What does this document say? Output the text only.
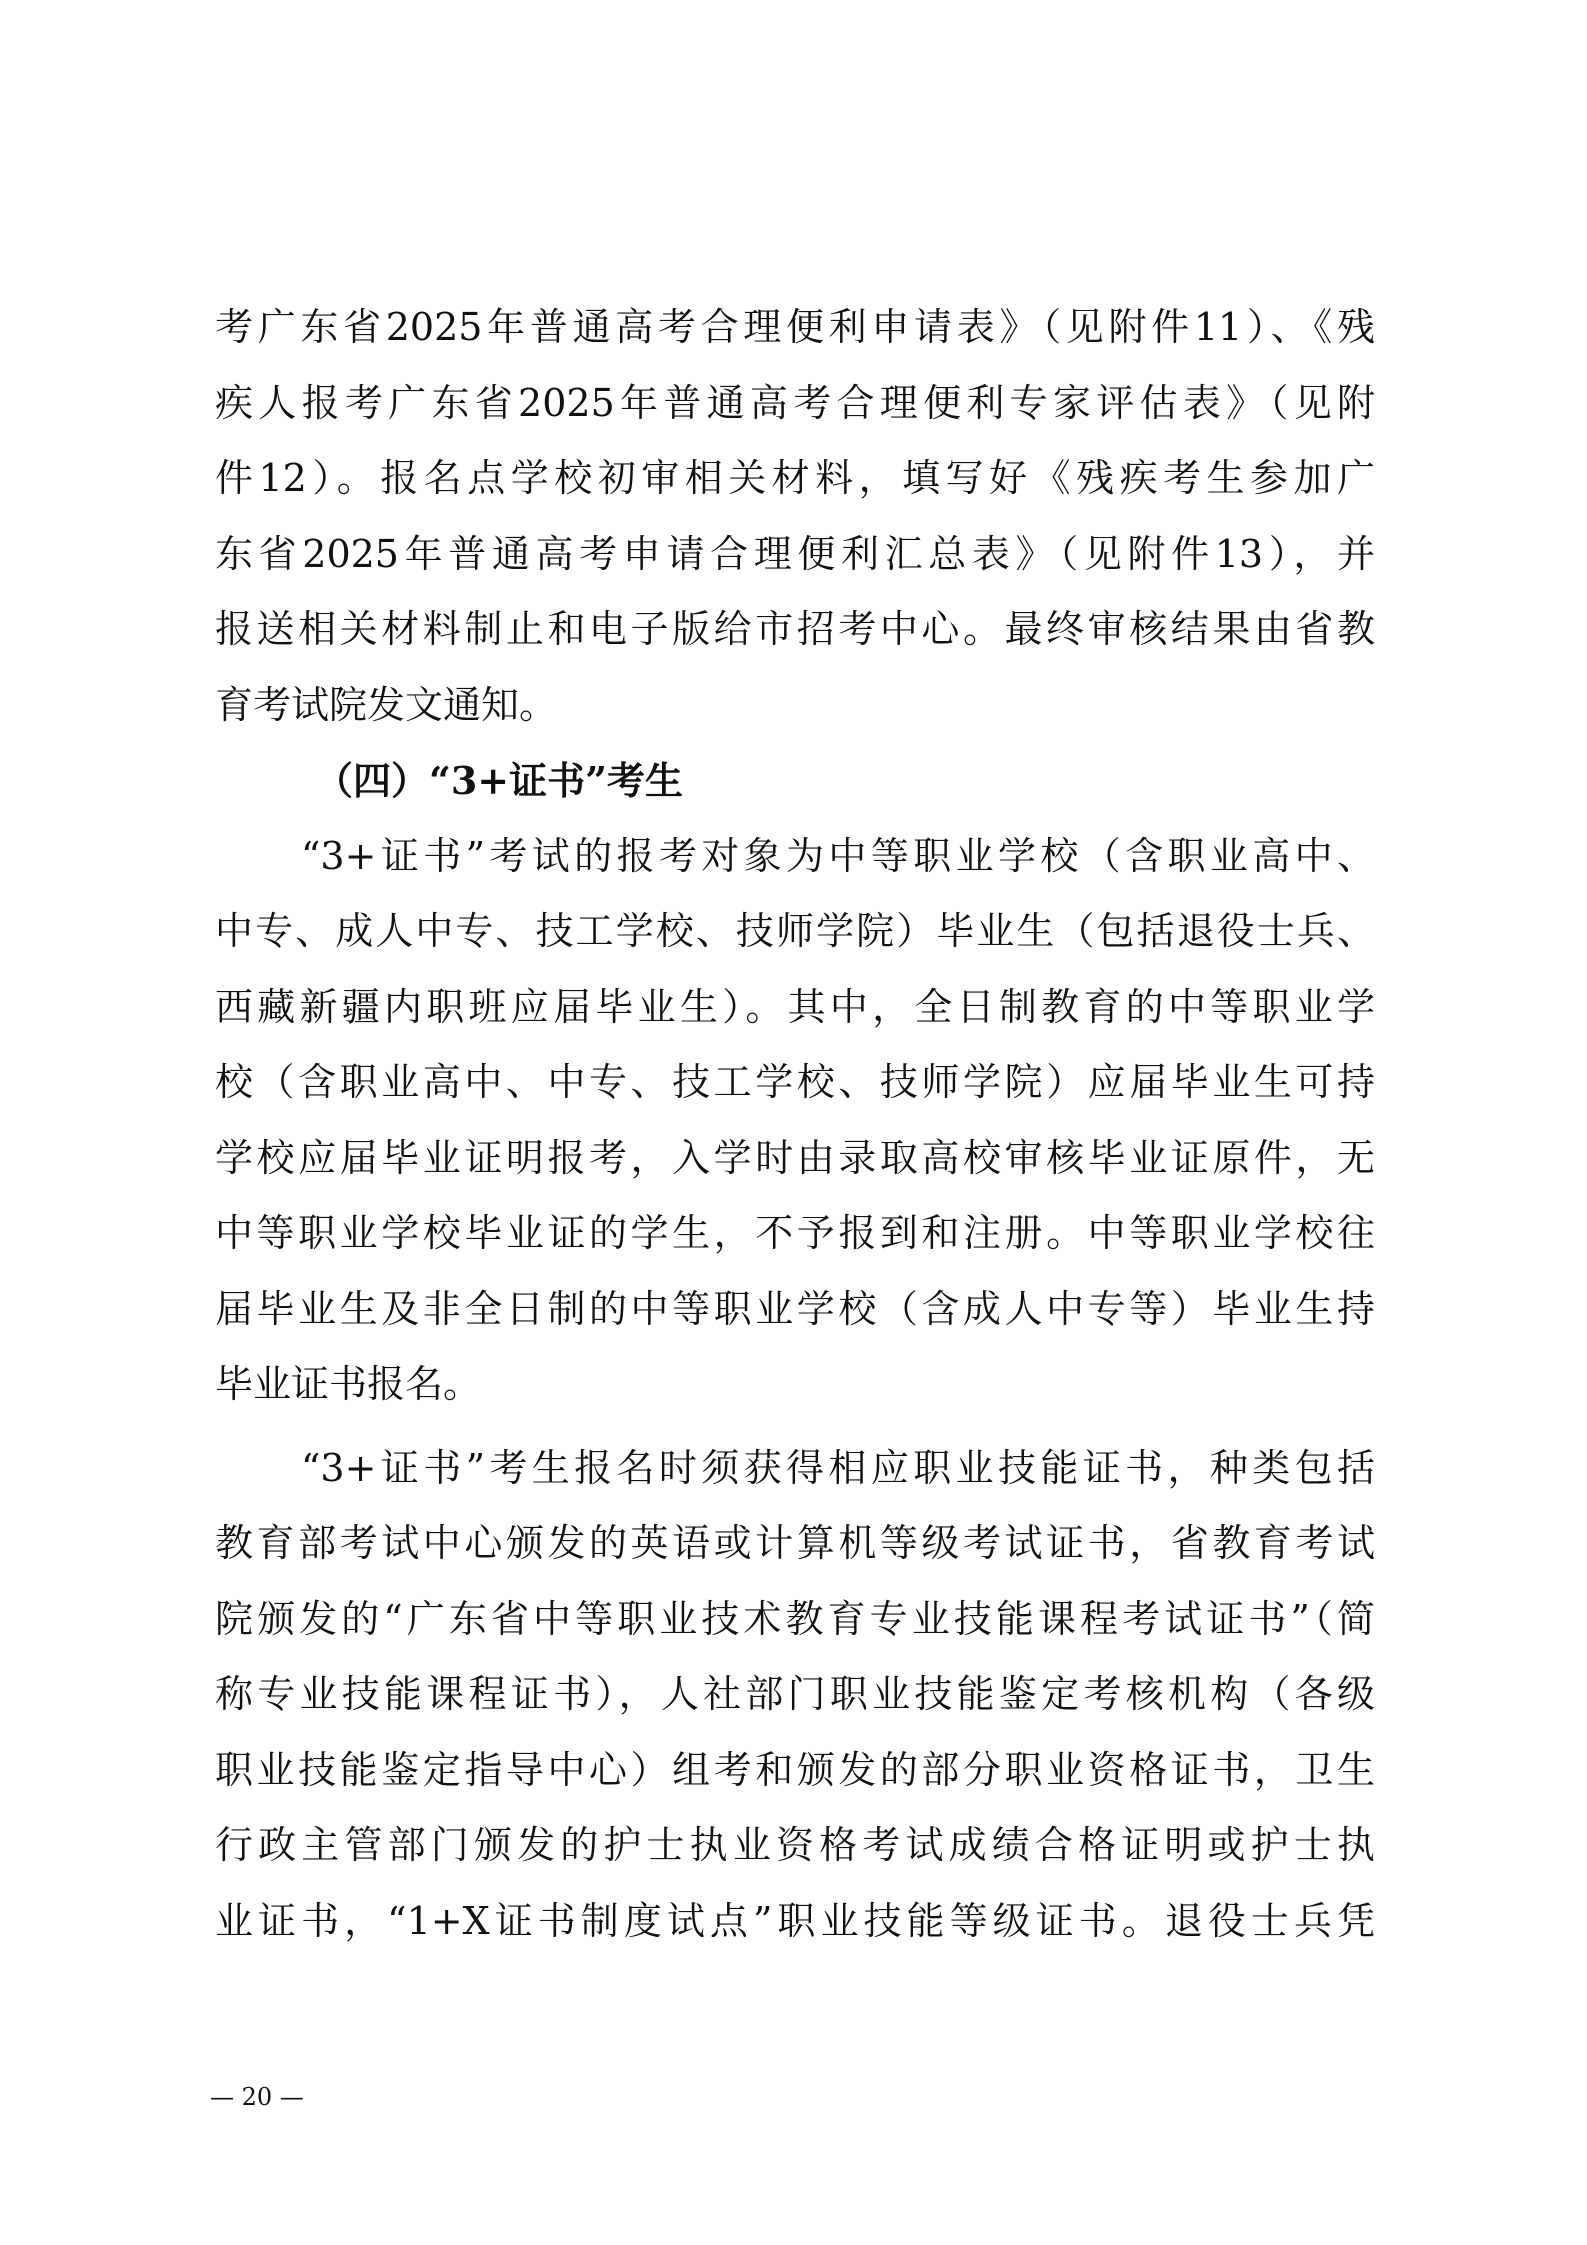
考广东省2025年普通高考合理便利申请表》（见附件11）、《残
疾人报考广东省2025年普通高考合理便利专家评估表》（见附
件12）。报名点学校初审相关材料，填写好《残疾考生参加广
东省2025年普通高考申请合理便利汇总表》（见附件13），并
报送相关材料制止和电子版给市招考中心。最终审核结果由省教
育考试院发文通知。
（四）“3+证书”考生
“3+证书”考试的报考对象为中等职业学校（含职业高中、
中专、成人中专、技工学校、技师学院）毕业生（包括退役士兵、
西藏新疆内职班应届毕业生）。其中，全日制教育的中等职业学
校（含职业高中、中专、技工学校、技师学院）应届毕业生可持
学校应届毕业证明报考，入学时由录取高校审核毕业证原件，无
中等职业学校毕业证的学生，不予报到和注册。中等职业学校往
届毕业生及非全日制的中等职业学校（含成人中专等）毕业生持
毕业证书报名。
“3+证书”考生报名时须获得相应职业技能证书，种类包括
教育部考试中心颁发的英语或计算机等级考试证书，省教育考试
院颁发的“广东省中等职业技术教育专业技能课程考试证书”（简
称专业技能课程证书），人社部门职业技能鉴定考核机构（各级
职业技能鉴定指导中心）组考和颁发的部分职业资格证书，卫生
行政主管部门颁发的护士执业资格考试成绩合格证明或护士执
业证书，“1+X证书制度试点”职业技能等级证书。退役士兵凭
— 20 —
